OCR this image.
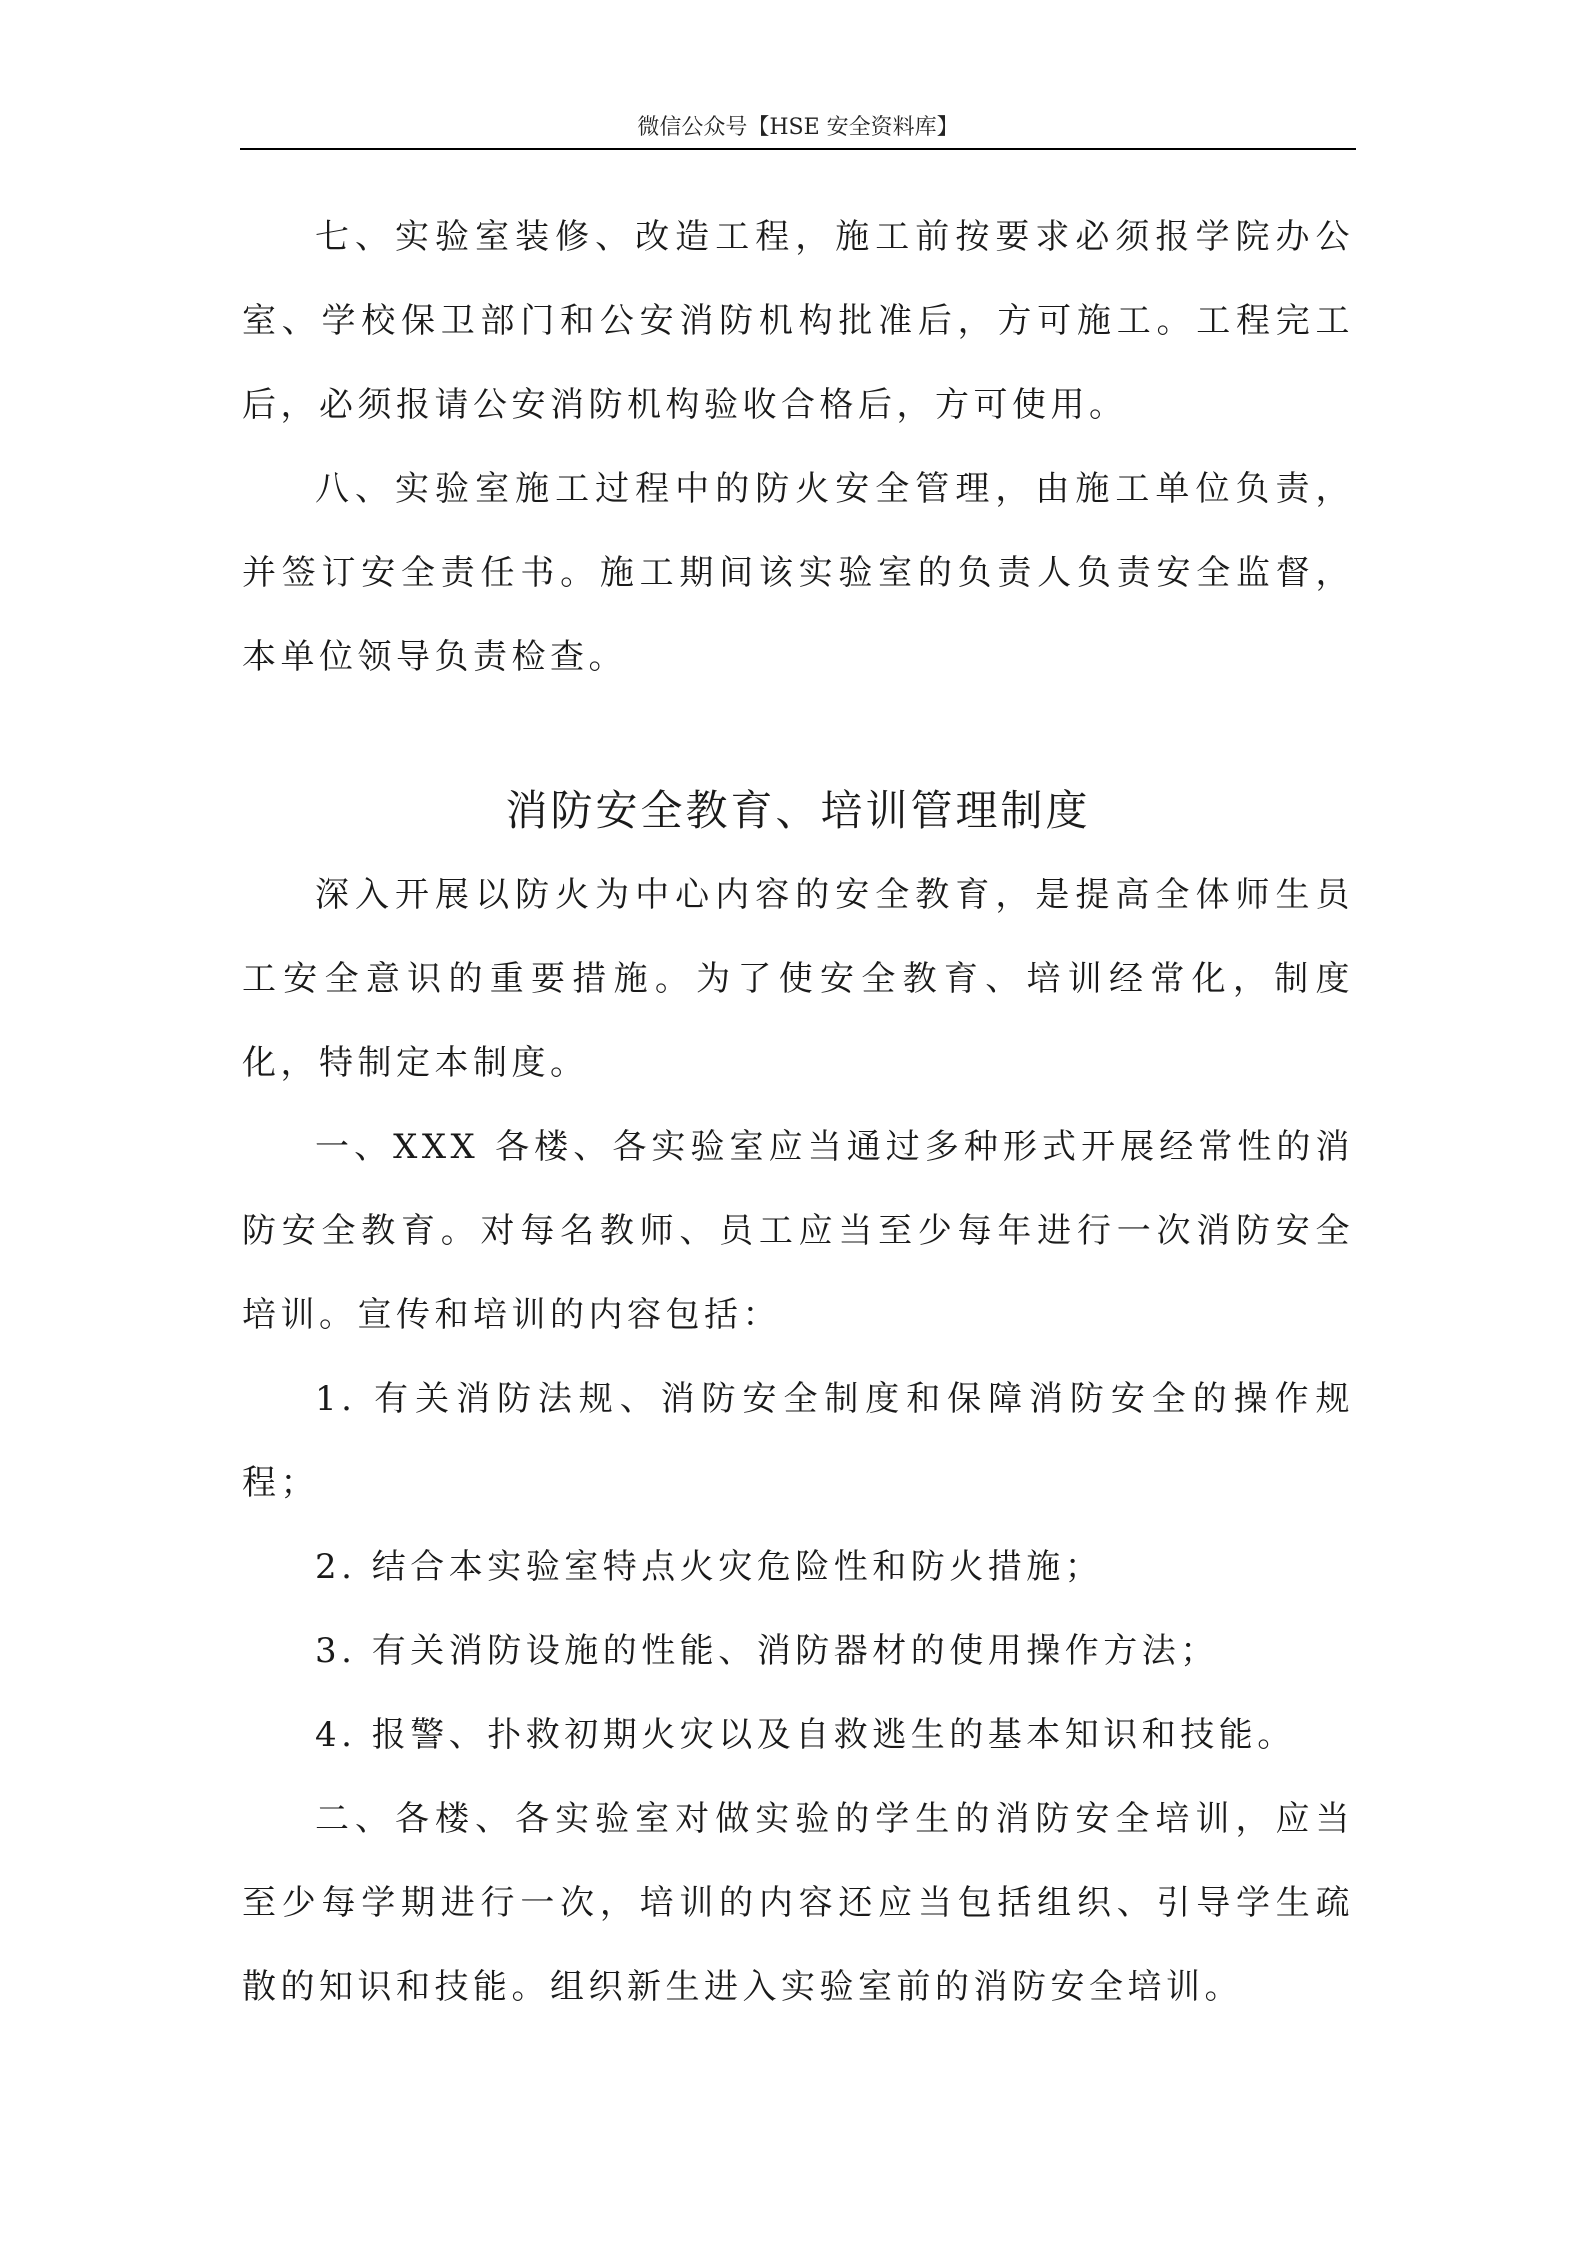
微信公众号【HSE 安全资料库】

七、实验室装修、改造工程，施工前按要求必须报学院办公室、学校保卫部门和公安消防机构批准后，方可施工。工程完工后，必须报请公安消防机构验收合格后，方可使用。

八、实验室施工过程中的防火安全管理，由施工单位负责，并签订安全责任书。施工期间该实验室的负责人负责安全监督，本单位领导负责检查。

消防安全教育、培训管理制度

深入开展以防火为中心内容的安全教育，是提高全体师生员工安全意识的重要措施。为了使安全教育、培训经常化，制度化，特制定本制度。

一、XXX 各楼、各实验室应当通过多种形式开展经常性的消防安全教育。对每名教师、员工应当至少每年进行一次消防安全培训。宣传和培训的内容包括：

1. 有关消防法规、消防安全制度和保障消防安全的操作规程；

2. 结合本实验室特点火灾危险性和防火措施；

3. 有关消防设施的性能、消防器材的使用操作方法；

4. 报警、扑救初期火灾以及自救逃生的基本知识和技能。

二、各楼、各实验室对做实验的学生的消防安全培训，应当至少每学期进行一次，培训的内容还应当包括组织、引导学生疏散的知识和技能。组织新生进入实验室前的消防安全培训。
